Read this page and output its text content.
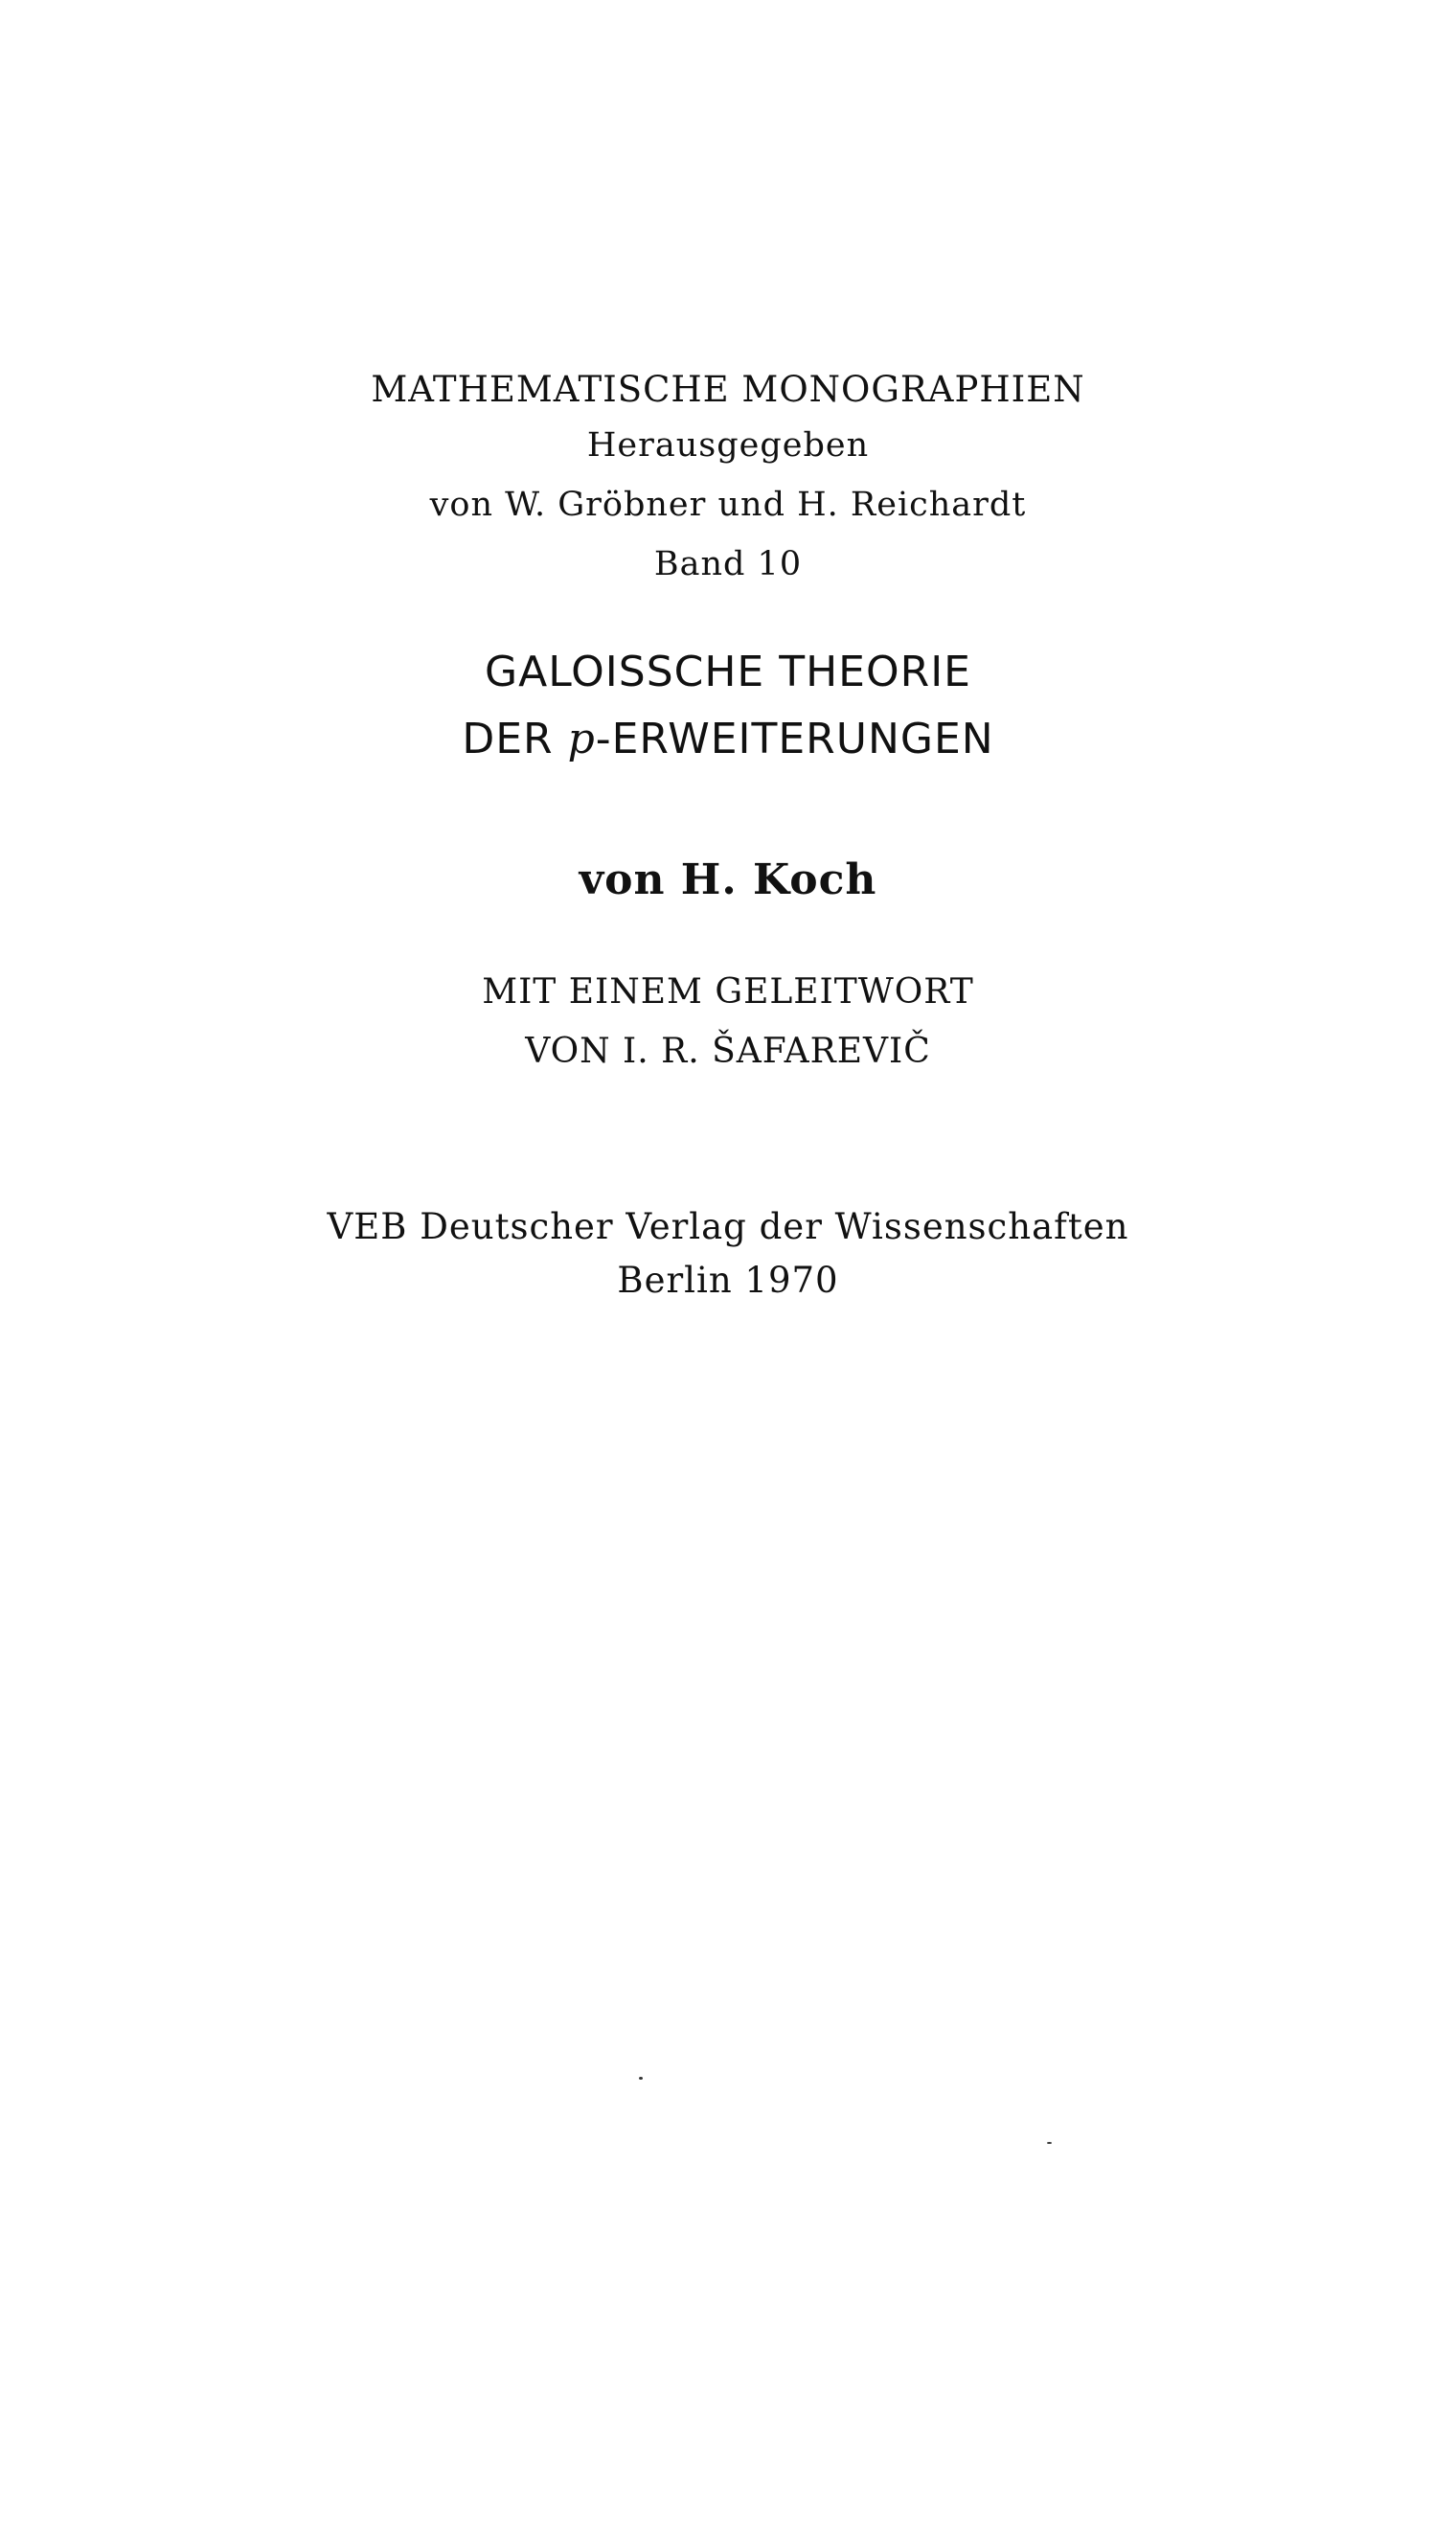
MATHEMATISCHE MONOGRAPHIEN
Herausgegeben
von W. Gröbner und H. Reichardt
Band 10
GALOISSCHE THEORIE
DER p-ERWEITERUNGEN
von H. Koch
MIT EINEM GELEITWORT
VON I. R. ŠAFAREVIČ
VEB Deutscher Verlag der Wissenschaften
Berlin 1970
